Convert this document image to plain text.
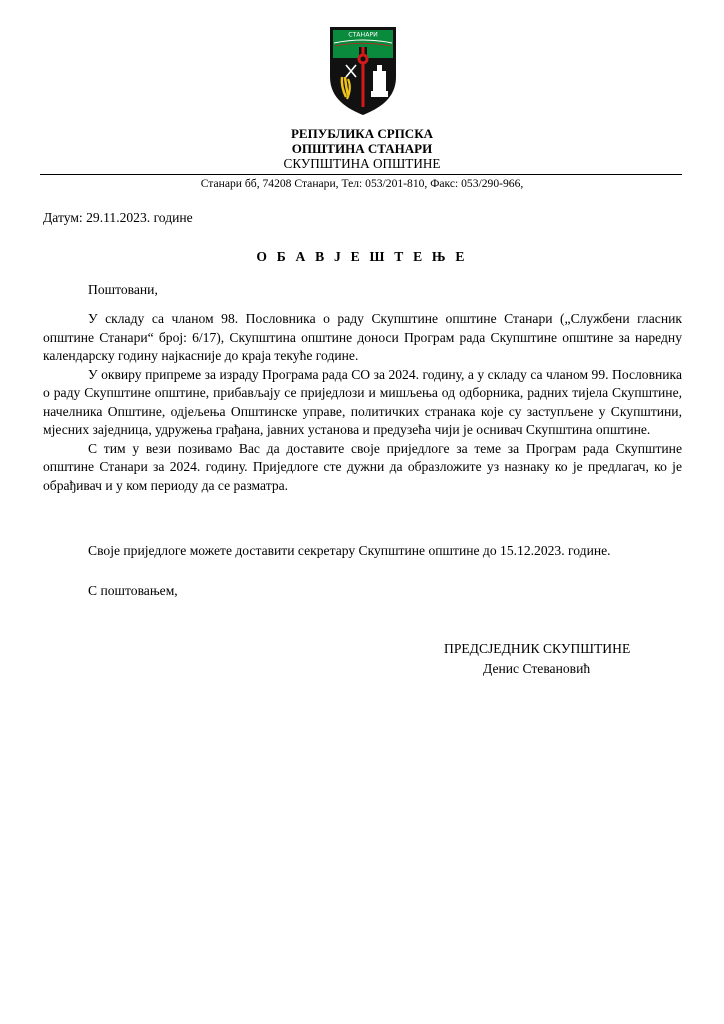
СТАНАРИ
РЕПУБЛИКА СРПСКА
ОПШТИНА СТАНАРИ
СКУПШТИНА ОПШТИНЕ
Станари бб, 74208 Станари, Тел: 053/201-810, Факс: 053/290-966,
Датум: 29.11.2023. године
О Б А В Ј Е Ш Т Е Њ Е
Поштовани,

У складу са чланом 98. Пословника о раду Скупштине општине Станари („Службени гласник општине Станари“ број: 6/17), Скупштина општине доноси Програм рада Скупштине општине за наредну календарску годину најкасније до краја текуће године.

У оквиру припреме за израду Програма рада СО за 2024. годину, а у складу са чланом 99. Пословника о раду Скупштине општине, прибављају се приједлози и мишљења од одборника, радних тијела Скупштине, начелника Општине, одјељења Општинске управе, политичких странака које су заступљене у Скупштини, мјесних заједница, удружења грађана, јавних установа и предузећа чији је оснивач Скупштина општине.

С тим у вези позивамо Вас да доставите своје приједлоге за теме за Програм рада Скупштине општине Станари за 2024. годину. Приједлоге сте дужни да образложите уз назнаку ко је предлагач, ко је обрађивач и у ком периоду да се разматра.

Своје приједлоге можете доставити секретару Скупштине општине до 15.12.2023. године.
С поштовањем,
ПРЕДСЈЕДНИК СКУПШТИНЕ
Денис Стевановић
